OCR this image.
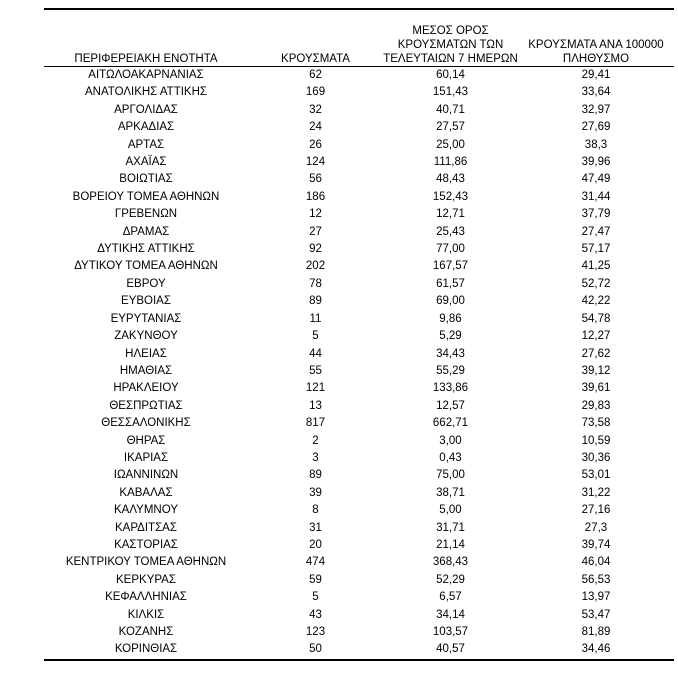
ΠΕΡΙΦΕΡΕΙΑΚΗ ΕΝΟΤΗΤΑ	ΚΡΟΥΣΜΑΤΑ	ΜΕΣΟΣ ΟΡΟΣ
ΚΡΟΥΣΜΑΤΩΝ ΤΩΝ
ΤΕΛΕΥΤΑΙΩΝ 7 ΗΜΕΡΩΝ	ΚΡΟΥΣΜΑΤΑ ΑΝΑ 100000
ΠΛΗΘΥΣΜΟ

ΑΙΤΩΛΟΑΚΑΡΝΑΝΙΑΣ	62	60,14	29,41
ΑΝΑΤΟΛΙΚΗΣ ΑΤΤΙΚΗΣ	169	151,43	33,64
ΑΡΓΟΛΙΔΑΣ	32	40,71	32,97
ΑΡΚΑΔΙΑΣ	24	27,57	27,69
ΑΡΤΑΣ	26	25,00	38,3
ΑΧΑΪΑΣ	124	111,86	39,96
ΒΟΙΩΤΙΑΣ	56	48,43	47,49
ΒΟΡΕΙΟΥ ΤΟΜΕΑ ΑΘΗΝΩΝ	186	152,43	31,44
ΓΡΕΒΕΝΩΝ	12	12,71	37,79
ΔΡΑΜΑΣ	27	25,43	27,47
ΔΥΤΙΚΗΣ ΑΤΤΙΚΗΣ	92	77,00	57,17
ΔΥΤΙΚΟΥ ΤΟΜΕΑ ΑΘΗΝΩΝ	202	167,57	41,25
ΕΒΡΟΥ	78	61,57	52,72
ΕΥΒΟΙΑΣ	89	69,00	42,22
ΕΥΡΥΤΑΝΙΑΣ	11	9,86	54,78
ΖΑΚΥΝΘΟΥ	5	5,29	12,27
ΗΛΕΙΑΣ	44	34,43	27,62
ΗΜΑΘΙΑΣ	55	55,29	39,12
ΗΡΑΚΛΕΙΟΥ	121	133,86	39,61
ΘΕΣΠΡΩΤΙΑΣ	13	12,57	29,83
ΘΕΣΣΑΛΟΝΙΚΗΣ	817	662,71	73,58
ΘΗΡΑΣ	2	3,00	10,59
ΙΚΑΡΙΑΣ	3	0,43	30,36
ΙΩΑΝΝΙΝΩΝ	89	75,00	53,01
ΚΑΒΑΛΑΣ	39	38,71	31,22
ΚΑΛΥΜΝΟΥ	8	5,00	27,16
ΚΑΡΔΙΤΣΑΣ	31	31,71	27,3
ΚΑΣΤΟΡΙΑΣ	20	21,14	39,74
ΚΕΝΤΡΙΚΟΥ ΤΟΜΕΑ ΑΘΗΝΩΝ	474	368,43	46,04
ΚΕΡΚΥΡΑΣ	59	52,29	56,53
ΚΕΦΑΛΛΗΝΙΑΣ	5	6,57	13,97
ΚΙΛΚΙΣ	43	34,14	53,47
ΚΟΖΑΝΗΣ	123	103,57	81,89
ΚΟΡΙΝΘΙΑΣ	50	40,57	34,46
